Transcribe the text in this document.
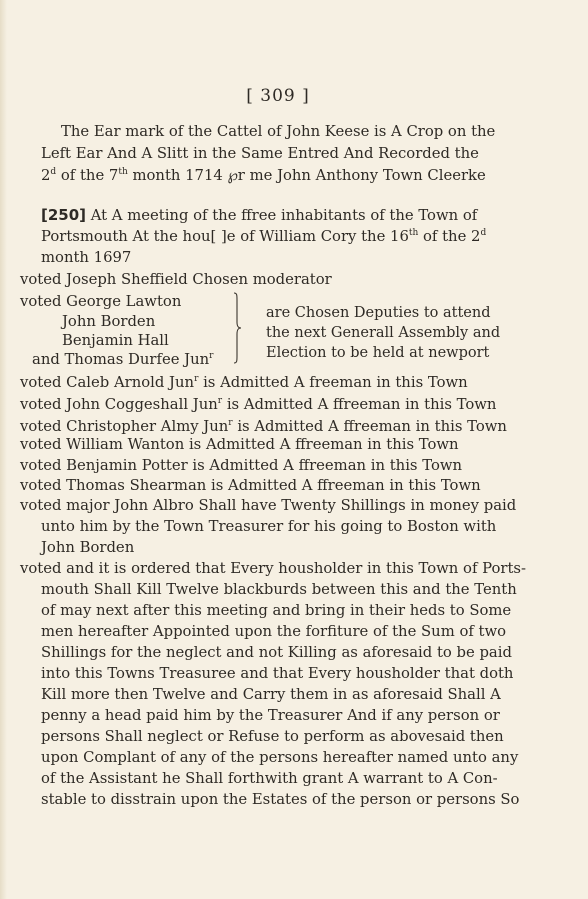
[ 309 ]
The Ear mark of the Cattel of John Keese is A Crop on the
Left Ear And A Slitt in the Same Entred And Recorded the
2$^d$ of the 7th month 1714 ℘r me John Anthony Town Cleerke
[250] At A meeting of the ffree inhabitants of the Town of
Portsmouth At the hou[ ]e of William Cory the 16th of the 2$^d$
month 1697
voted Joseph Sheffield Chosen moderator
voted George Lawton
John Borden
Benjamin Hall
and Thomas Durfee Jun$^r$
are Chosen Deputies to attend
the next Generall Assembly and
Election to be held at newport
voted Caleb Arnold Jun$^r$ is Admitted A freeman in this Town
voted John Coggeshall Jun$^r$ is Admitted A ffreeman in this Town
voted Christopher Almy Jun$^r$ is Admitted A ffreeman in this Town
voted William Wanton is Admitted A ffreeman in this Town
voted Benjamin Potter is Admitted A ffreeman in this Town
voted Thomas Shearman is Admitted A ffreeman in this Town
voted major John Albro Shall have Twenty Shillings in money paid
unto him by the Town Treasurer for his going to Boston with
John Borden
voted and it is ordered that Every housholder in this Town of Ports-
mouth Shall Kill Twelve blackburds between this and the Tenth
of may next after this meeting and bring in their heds to Some
men hereafter Appointed upon the forfiture of the Sum of two
Shillings for the neglect and not Killing as aforesaid to be paid
into this Towns Treasuree and that Every housholder that doth
Kill more then Twelve and Carry them in as aforesaid Shall A
penny a head paid him by the Treasurer And if any person or
persons Shall neglect or Refuse to perform as abovesaid then
upon Complant of any of the persons hereafter named unto any
of the Assistant he Shall forthwith grant A warrant to A Con-
stable to disstrain upon the Estates of the person or persons So
